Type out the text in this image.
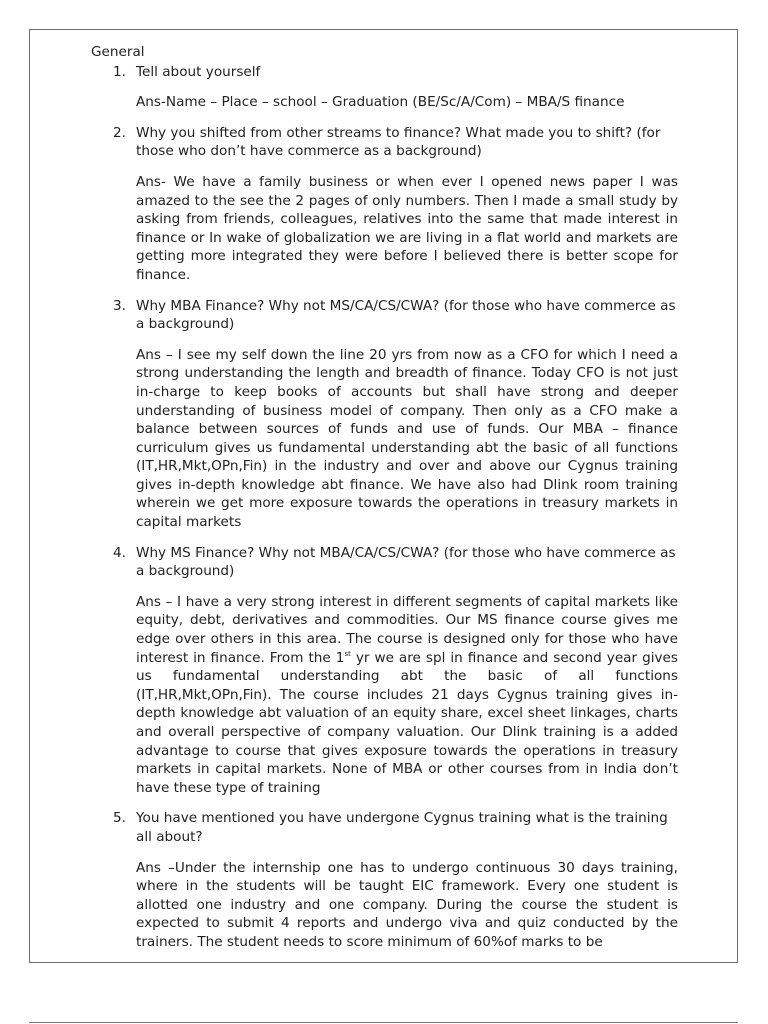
General
1. Tell about yourself

Ans-Name – Place – school – Graduation (BE/Sc/A/Com) – MBA/S finance

2. Why you shifted from other streams to finance? What made you to shift? (for those who don’t have commerce as a background)

Ans- We have a family business or when ever I opened news paper I was amazed to the see the 2 pages of only numbers. Then I made a small study by asking from friends, colleagues, relatives into the same that made interest in finance or In wake of globalization we are living in a flat world and markets are getting more integrated they were before I believed there is better scope for finance.

3. Why MBA Finance? Why not MS/CA/CS/CWA? (for those who have commerce as a background)

Ans – I see my self down the line 20 yrs from now as a CFO for which I need a strong understanding the length and breadth of finance. Today CFO is not just in-charge to keep books of accounts but shall have strong and deeper understanding of business model of company. Then only as a CFO make a balance between sources of funds and use of funds. Our MBA – finance curriculum gives us fundamental understanding abt the basic of all functions (IT,HR,Mkt,OPn,Fin) in the industry and over and above our Cygnus training gives in-depth knowledge abt finance. We have also had Dlink room training wherein we get more exposure towards the operations in treasury markets in capital markets

4. Why MS Finance? Why not MBA/CA/CS/CWA? (for those who have commerce as a background)

Ans – I have a very strong interest in different segments of capital markets like equity, debt, derivatives and commodities. Our MS finance course gives me edge over others in this area. The course is designed only for those who have interest in finance. From the 1st yr we are spl in finance and second year gives us fundamental understanding abt the basic of all functions (IT,HR,Mkt,OPn,Fin). The course includes 21 days Cygnus training gives in-depth knowledge abt valuation of an equity share, excel sheet linkages, charts and overall perspective of company valuation. Our Dlink training is a added advantage to course that gives exposure towards the operations in treasury markets in capital markets. None of MBA or other courses from in India don’t have these type of training

5. You have mentioned you have undergone Cygnus training what is the training all about?

Ans –Under the internship one has to undergo continuous 30 days training, where in the students will be taught EIC framework. Every one student is allotted one industry and one company. During the course the student is expected to submit 4 reports and undergo viva and quiz conducted by the trainers. The student needs to score minimum of 60%of marks to be
